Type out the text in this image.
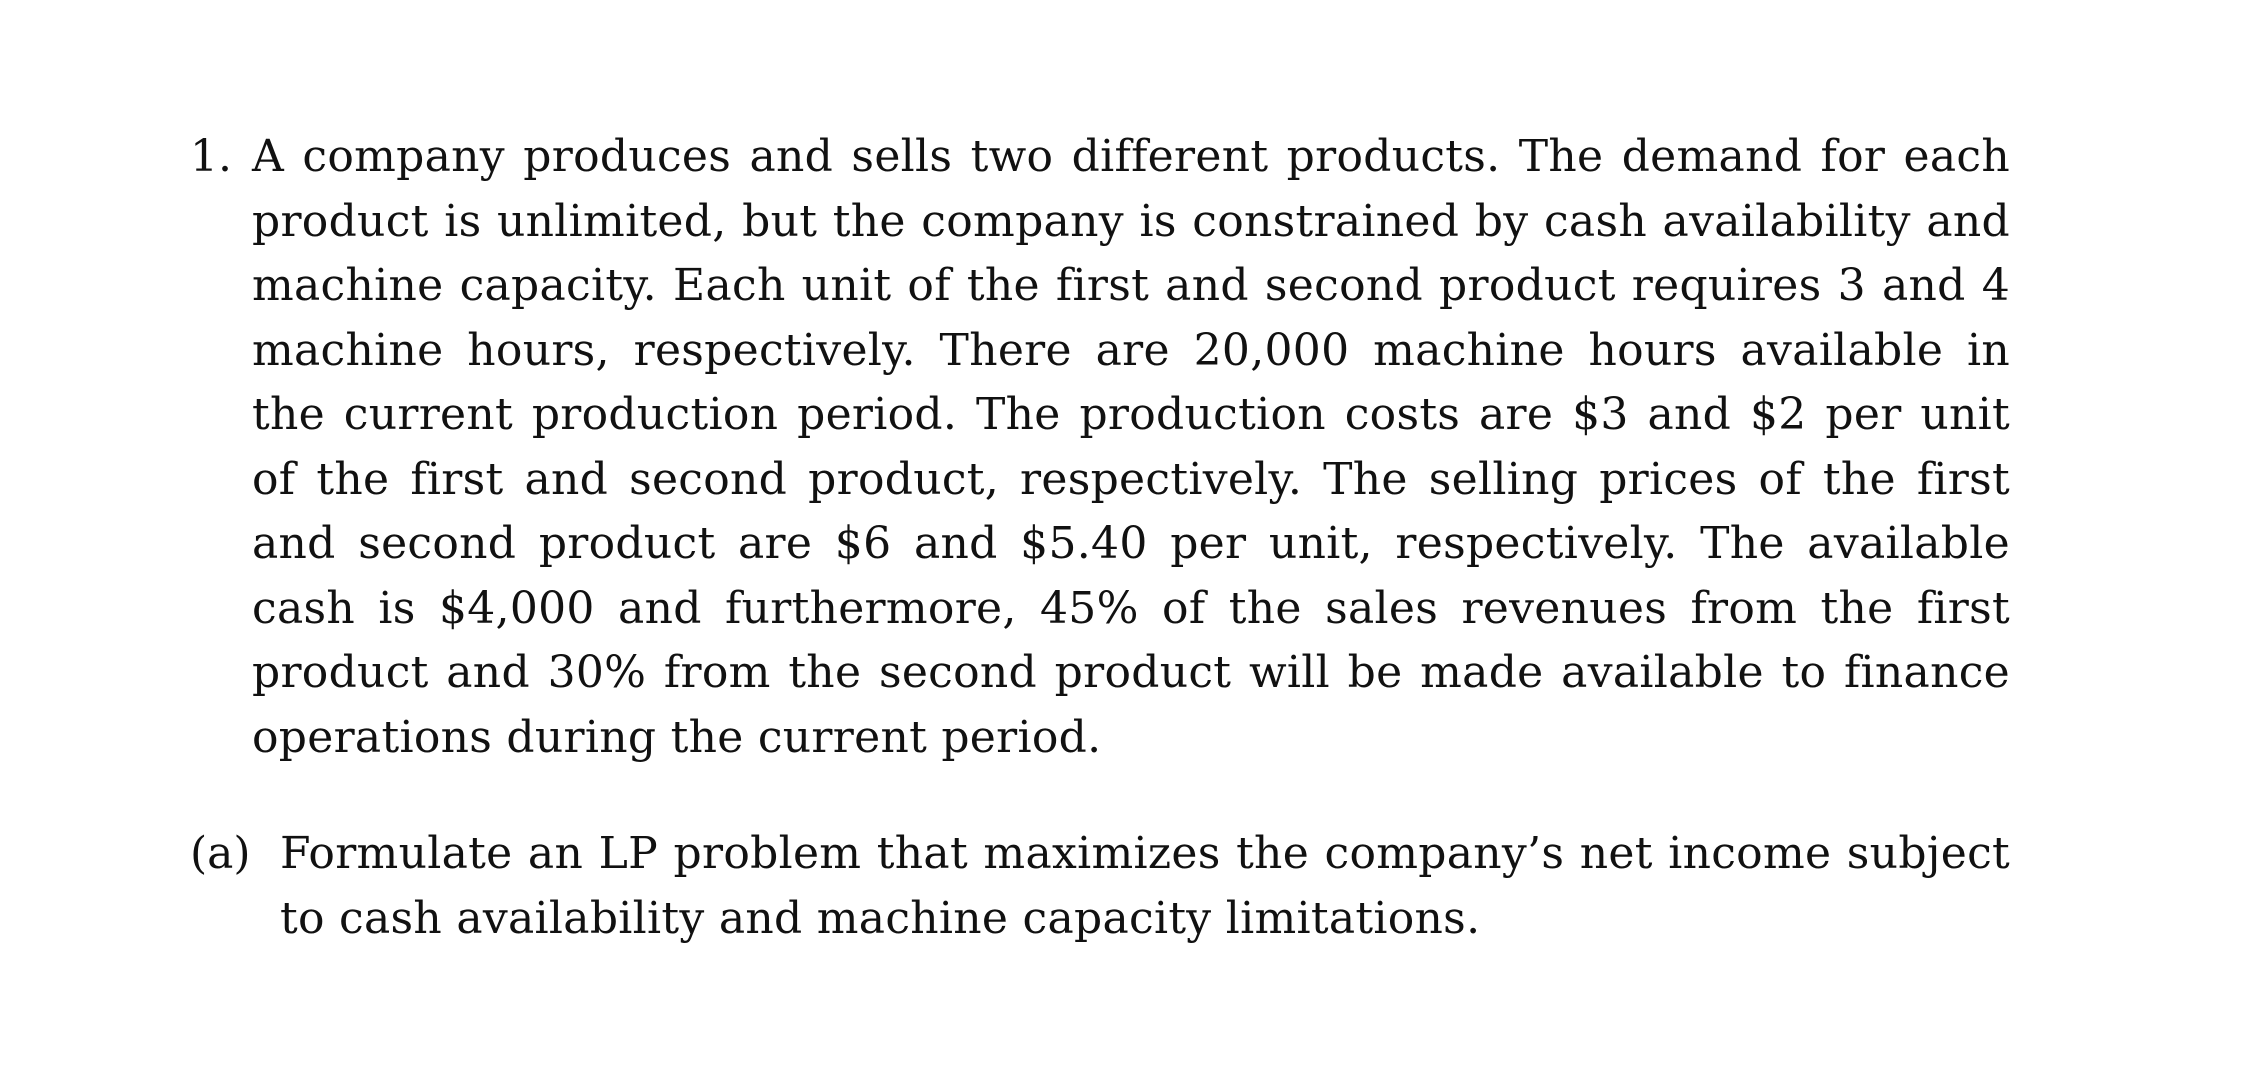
1. A company produces and sells two different products. The demand for each product is unlimited, but the company is constrained by cash availability and machine capacity. Each unit of the first and second product requires 3 and 4 machine hours, respectively. There are 20,000 machine hours available in the current production period. The production costs are $3 and $2 per unit of the first and second product, respectively. The selling prices of the first and second product are $6 and $5.40 per unit, respectively. The available cash is $4,000 and furthermore, 45% of the sales revenues from the first product and 30% from the second product will be made available to finance operations during the current period.
(a) Formulate an LP problem that maximizes the company’s net income subject to cash availability and machine capacity limitations.
